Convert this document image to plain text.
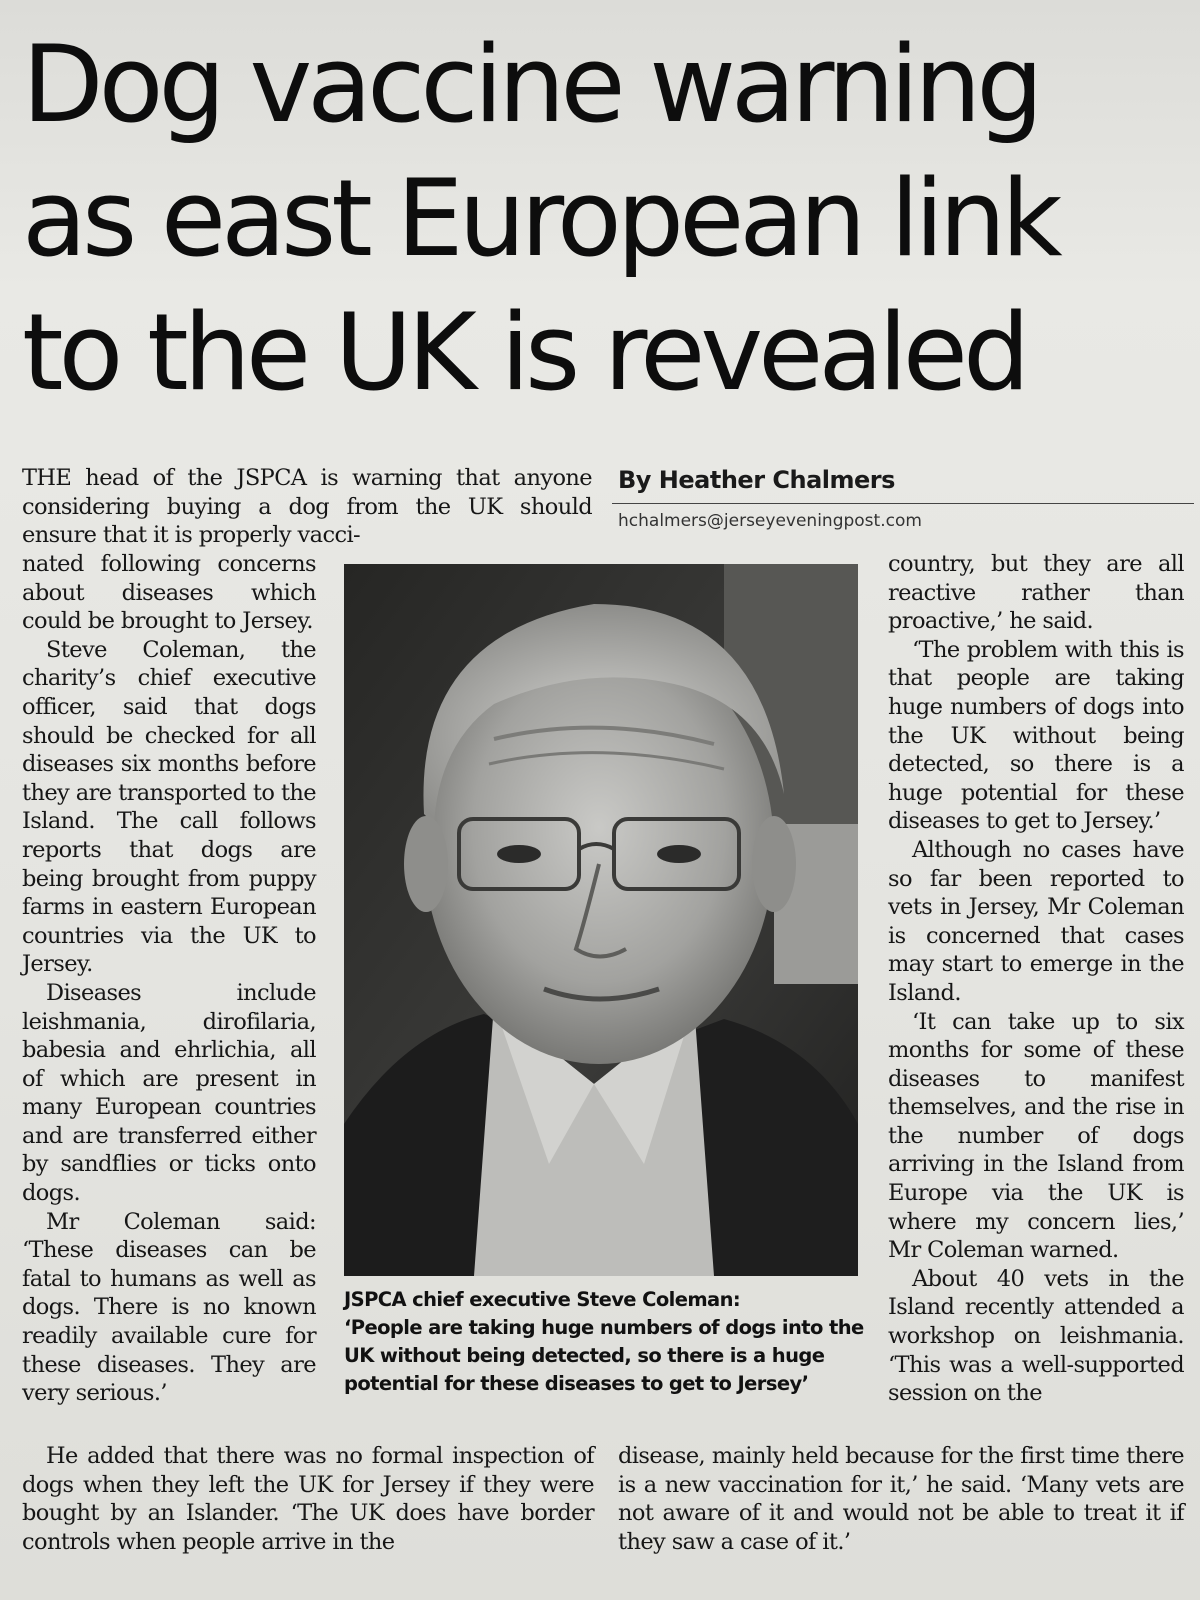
Dog vaccine warning
as east European link
to the UK is revealed

THE head of the JSPCA is warning that anyone considering buying a dog from the UK should ensure that it is properly vacci-

By Heather Chalmers
hchalmers@jerseyeveningpost.com

nated following concerns about diseases which could be brought to Jersey.

Steve Coleman, the charity’s chief executive officer, said that dogs should be checked for all diseases six months before they are transported to the Island. The call follows reports that dogs are being brought from puppy farms in eastern European countries via the UK to Jersey.

Diseases include leishmania, dirofilaria, babesia and ehrlichia, all of which are present in many European countries and are transferred either by sandflies or ticks onto dogs.

Mr Coleman said: ‘These diseases can be fatal to humans as well as dogs. There is no known readily available cure for these diseases. They are very serious.’

JSPCA chief executive Steve Coleman:

‘People are taking huge numbers of dogs into the UK without being detected, so there is a huge potential for these diseases to get to Jersey’

country, but they are all reactive rather than proactive,’ he said.

‘The problem with this is that people are taking huge numbers of dogs into the UK without being detected, so there is a huge potential for these diseases to get to Jersey.’

Although no cases have so far been reported to vets in Jersey, Mr Coleman is concerned that cases may start to emerge in the Island.

‘It can take up to six months for some of these diseases to manifest themselves, and the rise in the number of dogs arriving in the Island from Europe via the UK is where my concern lies,’ Mr Coleman warned.

About 40 vets in the Island recently attended a workshop on leishmania. ‘This was a well-supported session on the

He added that there was no formal inspection of dogs when they left the UK for Jersey if they were bought by an Islander. ‘The UK does have border controls when people arrive in the

disease, mainly held because for the first time there is a new vaccination for it,’ he said. ‘Many vets are not aware of it and would not be able to treat it if they saw a case of it.’
